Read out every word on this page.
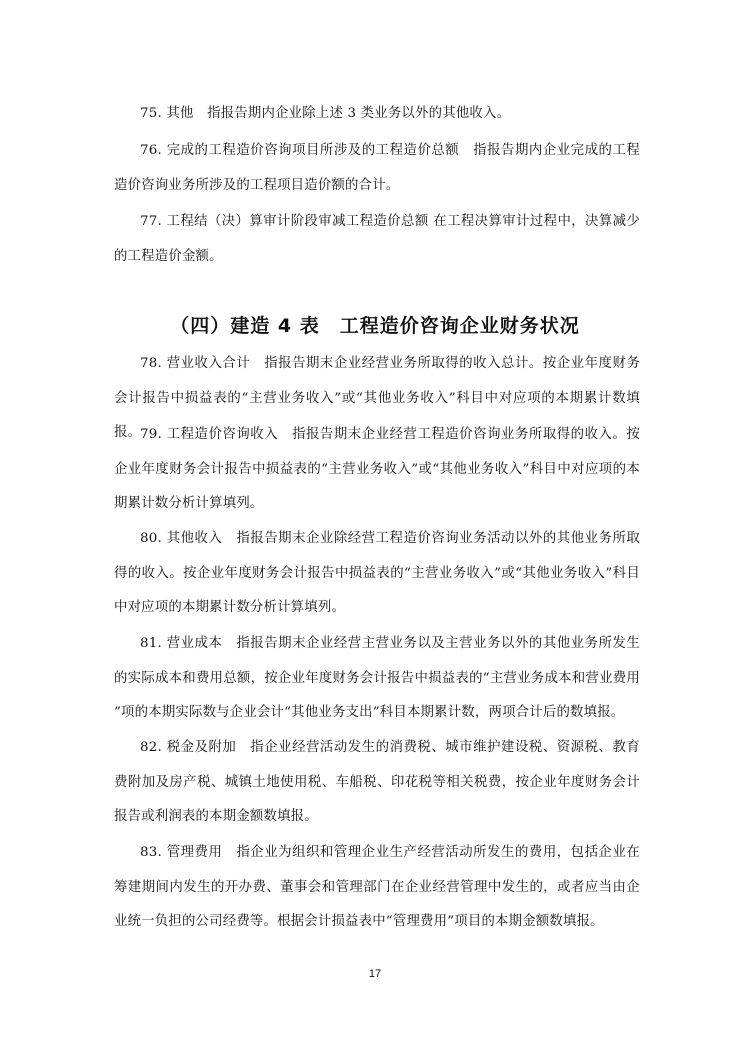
75. 其他　指报告期内企业除上述 3 类业务以外的其他收入。

76. 完成的工程造价咨询项目所涉及的工程造价总额　指报告期内企业完成的工程造价咨询业务所涉及的工程项目造价额的合计。

77. 工程结（决）算审计阶段审减工程造价总额 在工程决算审计过程中，决算减少的工程造价金额。

（四）建造 4 表　工程造价咨询企业财务状况

78. 营业收入合计　指报告期末企业经营业务所取得的收入总计。按企业年度财务会计报告中损益表的“主营业务收入”或“其他业务收入”科目中对应项的本期累计数填报。

79. 工程造价咨询收入　指报告期末企业经营工程造价咨询业务所取得的收入。按企业年度财务会计报告中损益表的“主营业务收入”或“其他业务收入”科目中对应项的本期累计数分析计算填列。

80. 其他收入　指报告期末企业除经营工程造价咨询业务活动以外的其他业务所取得的收入。按企业年度财务会计报告中损益表的“主营业务收入”或“其他业务收入”科目中对应项的本期累计数分析计算填列。

81. 营业成本　指报告期末企业经营主营业务以及主营业务以外的其他业务所发生的实际成本和费用总额，按企业年度财务会计报告中损益表的“主营业务成本和营业费用 ”项的本期实际数与企业会计“其他业务支出”科目本期累计数，两项合计后的数填报。

82. 税金及附加　指企业经营活动发生的消费税、城市维护建设税、资源税、教育费附加及房产税、城镇土地使用税、车船税、印花税等相关税费，按企业年度财务会计报告或利润表的本期金额数填报。

83. 管理费用　指企业为组织和管理企业生产经营活动所发生的费用，包括企业在筹建期间内发生的开办费、董事会和管理部门在企业经营管理中发生的，或者应当由企业统一负担的公司经费等。根据会计损益表中“管理费用”项目的本期金额数填报。

17
